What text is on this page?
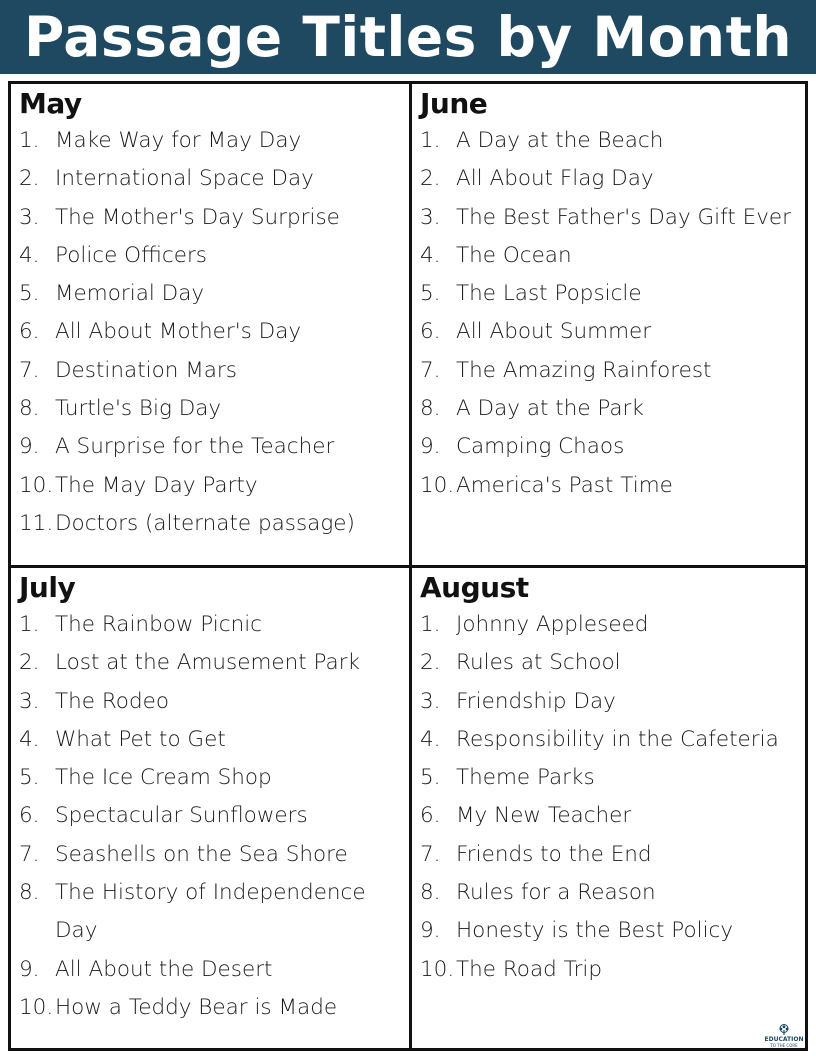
Passage Titles by Month
May
1. Make Way for May Day
2. International Space Day
3. The Mother's Day Surprise
4. Police Officers
5. Memorial Day
6. All About Mother's Day
7. Destination Mars
8. Turtle's Big Day
9. A Surprise for the Teacher
10. The May Day Party
11. Doctors (alternate passage)
June
1. A Day at the Beach
2. All About Flag Day
3. The Best Father's Day Gift Ever
4. The Ocean
5. The Last Popsicle
6. All About Summer
7. The Amazing Rainforest
8. A Day at the Park
9. Camping Chaos
10. America's Past Time
July
1. The Rainbow Picnic
2. Lost at the Amusement Park
3. The Rodeo
4. What Pet to Get
5. The Ice Cream Shop
6. Spectacular Sunflowers
7. Seashells on the Sea Shore
8. The History of Independence Day
9. All About the Desert
10. How a Teddy Bear is Made
August
1. Johnny Appleseed
2. Rules at School
3. Friendship Day
4. Responsibility in the Cafeteria
5. Theme Parks
6. My New Teacher
7. Friends to the End
8. Rules for a Reason
9. Honesty is the Best Policy
10. The Road Trip
EDUCATION
TO THE CORE
